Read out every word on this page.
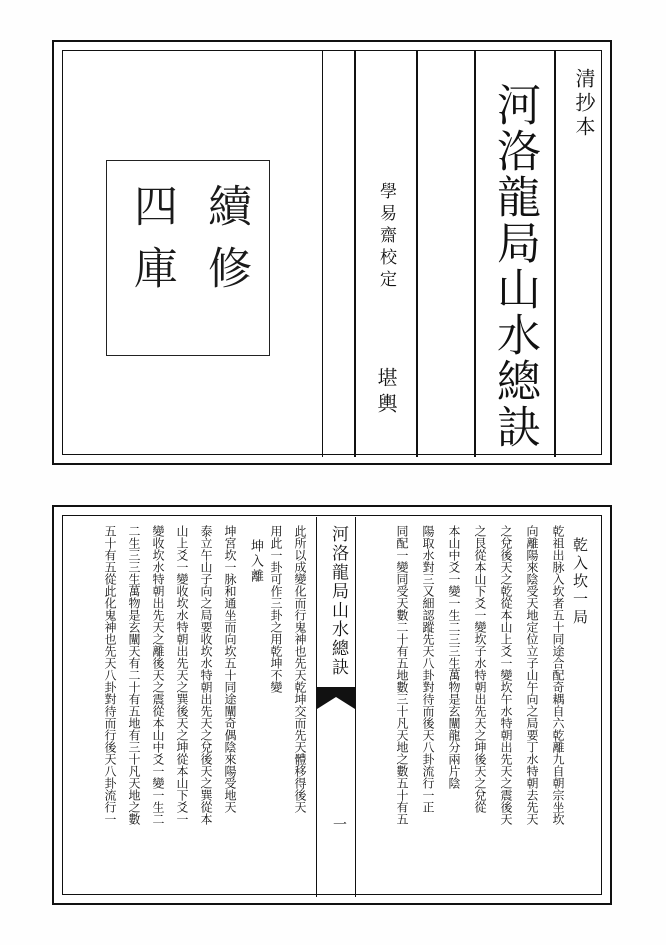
清抄本
河洛龍局山水總訣
學易齋校定
堪輿
續修
四庫
乾入坎一局
乾祖出脉入坎者五十同途合配奇耦自六乾離九自朝宗坐坎
向離陽來陰受天地定位立子山午向之局要丁水特朝去先天
之兌後天之乾從本山上爻一變坎午水特朝出先天之震後天
之艮從本山下爻一變坎子水特朝出先天之坤後天之兌從
本山中爻一變一生二三三生萬物是玄闡龍分兩片陰
陽取水對三又細認蹤先天八卦對待而後天八卦流行一正
同配一變同受天數二十有五地數三十凡天地之數五十有五
河洛龍局山水總訣
一
此所以成變化而行鬼神也先天乾坤交而先天體移得後天
用此一卦可作三卦之用乾坤不變
坤入離
坤宮坎一脉和通坐而向坎五十同途闡奇偶陰來陽受地天
泰立午山子向之局要收坎水特朝出先天之兌後天之巽從本
山上爻一變收坎水特朝出先天之巽後天之坤從本山下爻一
變收坎水特朝出先天之離後天之震從本山中爻一變一生二
二生三三生萬物是玄闡天有二十有五地有三十凡天地之數
五十有五從此化鬼神也先天八卦對待而行後天八卦流行一
